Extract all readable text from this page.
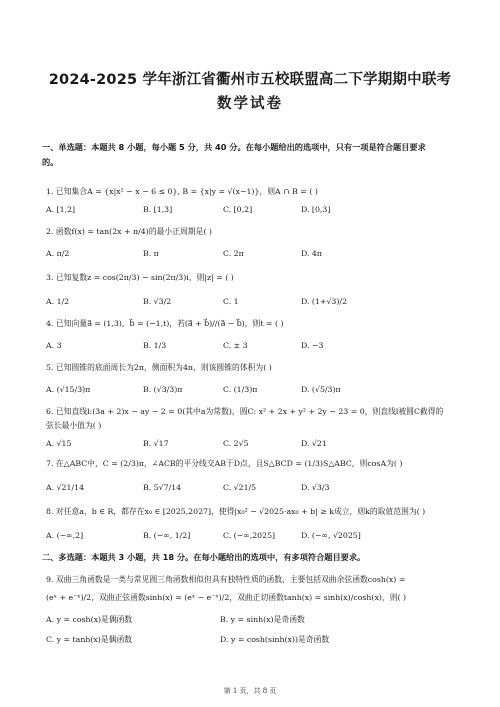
2024-2025 学年浙江省衢州市五校联盟高二下学期期中联考
数学试卷
一、单选题：本题共 8 小题，每小题 5 分，共 40 分。在每小题给出的选项中，只有一项是符合题目要求
的。
1. 已知集合A = {x|x² − x − 6 ≤ 0}, B = {x|y = √(x−1)}，则A ∩ B = ( )
A. [1,2]	B. [1,3]	C. [0,2]	D. [0,3]
2. 函数f(x) = tan(2x + π/4)的最小正周期是( )
A. π/2	B. π	C. 2π	D. 4π
3. 已知复数z = cos(2π/3) − sin(2π/3)i，则|z| = ( )
A. 1/2	B. √3/2	C. 1	D. (1+√3)/2
4. 已知向量a⃗ = (1,3)，b⃗ = (−1,t)，若(a⃗ + b⃗)//(a⃗ − b⃗)，则t = ( )
A. 3	B. 1/3	C. ± 3	D. −3
5. 已知圆锥的底面周长为2π，侧面积为4π，则该圆锥的体积为( )
A. (√15/3)π	B. (√3/3)π	C. (1/3)π	D. (√5/3)π
6. 已知直线l:(3a + 2)x − ay − 2 = 0(其中a为常数)，圆C: x² + 2x + y² + 2y − 23 = 0，则直线l被圆C截得的
弦长最小值为( )
A. √15	B. √17	C. 2√5	D. √21
7. 在△ABC中，C = (2/3)π，∠ACB的平分线交AB于D点，且S△BCD = (1/3)S△ABC，则cosA为( )
A. √21/14	B. 5√7/14	C. √21/5	D. √3/3
8. 对任意a，b ∈ R，都存在x₀ ∈ [2025,2027]，使得|x₀² − √2025·ax₀ + b| ≥ k成立，则k的取值范围为( )
A. (−∞,2]	B. (−∞, 1/2]	C. (−∞,2025]	D. (−∞, √2025]
二、多选题：本题共 3 小题，共 18 分。在每小题给出的选项中，有多项符合题目要求。
9. 双曲三角函数是一类与常见圆三角函数相似但具有独特性质的函数，主要包括双曲余弦函数cosh(x) =
(eˣ + e⁻ˣ)/2，双曲正弦函数sinh(x) = (eˣ − e⁻ˣ)/2，双曲正切函数tanh(x) = sinh(x)/cosh(x)，则( )
A. y = cosh(x)是偶函数	B. y = sinh(x)是奇函数
C. y = tanh(x)是偶函数	D. y = cosh(sinh(x))是奇函数
第 1 页，共 8 页
